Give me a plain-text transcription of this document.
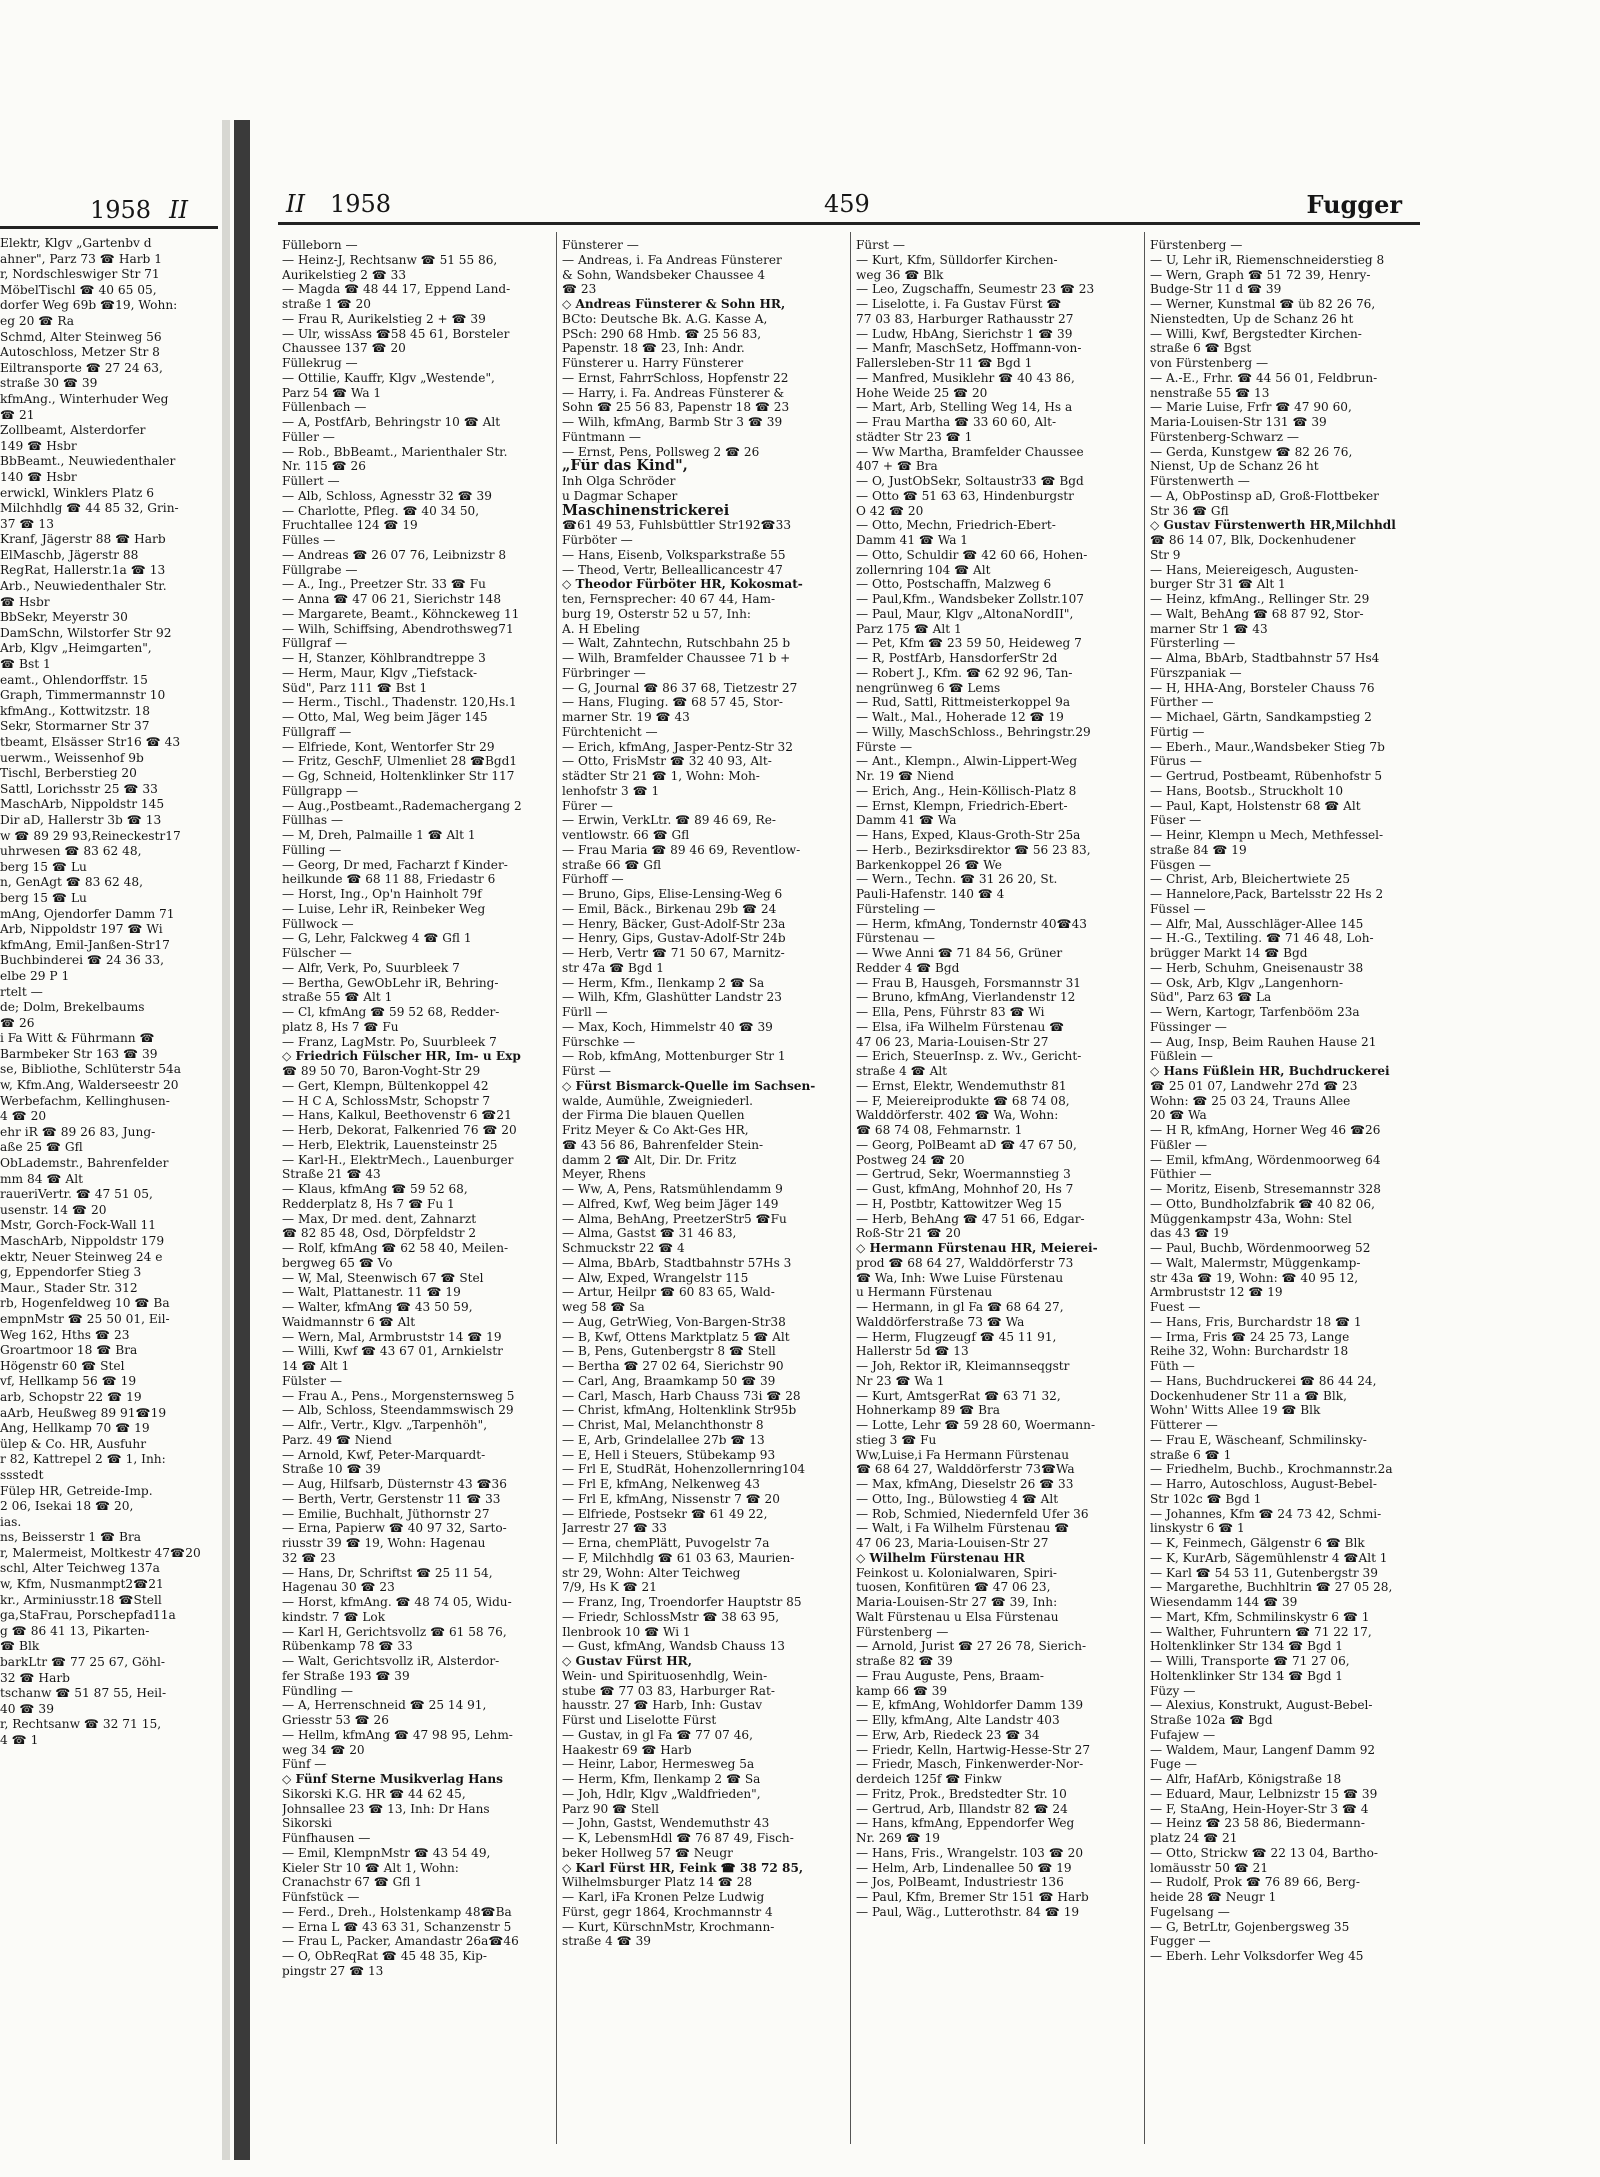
1958 II
Elektr, Klgv „Gartenbv d
ahner", Parz 73 ☎ Harb 1
r, Nordschleswiger Str 71
MöbelTischl ☎ 40 65 05,
dorfer Weg 69b ☎19, Wohn:
eg 20 ☎ Ra
Schmd, Alter Steinweg 56
Autoschloss, Metzer Str 8
Eiltransporte ☎ 27 24 63,
straße 30 ☎ 39
kfmAng., Winterhuder Weg
☎ 21
Zollbeamt, Alsterdorfer
149 ☎ Hsbr
BbBeamt., Neuwiedenthaler
140 ☎ Hsbr
erwickl, Winklers Platz 6
Milchhdlg ☎ 44 85 32, Grin-
37 ☎ 13
Kranf, Jägerstr 88 ☎ Harb
ElMaschb, Jägerstr 88
RegRat, Hallerstr.1a ☎ 13
Arb., Neuwiedenthaler Str.
☎ Hsbr
BbSekr, Meyerstr 30
DamSchn, Wilstorfer Str 92
Arb, Klgv „Heimgarten",
☎ Bst 1
eamt., Ohlendorffstr. 15
Graph, Timmermannstr 10
kfmAng., Kottwitzstr. 18
Sekr, Stormarner Str 37
tbeamt, Elsässer Str16 ☎ 43
uerwm., Weissenhof 9b
Tischl, Berberstieg 20
Sattl, Lorichsstr 25 ☎ 33
MaschArb, Nippoldstr 145
Dir aD, Hallerstr 3b ☎ 13
w ☎ 89 29 93,Reineckestr17
uhrwesen ☎ 83 62 48,
berg 15 ☎ Lu
n, GenAgt ☎ 83 62 48,
berg 15 ☎ Lu
mAng, Ojendorfer Damm 71
Arb, Nippoldstr 197 ☎ Wi
kfmAng, Emil-Janßen-Str17
Buchbinderei ☎ 24 36 33,
elbe 29 P 1
rtelt —
de; Dolm, Brekelbaums
☎ 26
i Fa Witt & Führmann ☎
Barmbeker Str 163 ☎ 39
se, Bibliothe, Schlüterstr 54a
w, Kfm.Ang, Walderseestr 20
Werbefachm, Kellinghusen-
4 ☎ 20
ehr iR ☎ 89 26 83, Jung-
aße 25 ☎ Gfl
ObLademstr., Bahrenfelder
mm 84 ☎ Alt
raueriVertr. ☎ 47 51 05,
usenstr. 14 ☎ 20
Mstr, Gorch-Fock-Wall 11
MaschArb, Nippoldstr 179
ektr, Neuer Steinweg 24 e
g, Eppendorfer Stieg 3
Maur., Stader Str. 312
rb, Hogenfeldweg 10 ☎ Ba
empnMstr ☎ 25 50 01, Eil-
Weg 162, Hths ☎ 23
Groartmoor 18 ☎ Bra
Högenstr 60 ☎ Stel
vf, Hellkamp 56 ☎ 19
arb, Schopstr 22 ☎ 19
aArb, Heußweg 89 91☎19
Ang, Hellkamp 70 ☎ 19
ülep & Co. HR, Ausfuhr
r 82, Kattrepel 2 ☎ 1, Inh:
ssstedt
Fülep HR, Getreide-Imp.
2 06, Isekai 18 ☎ 20,
ias.
ns, Beisserstr 1 ☎ Bra
r, Malermeist, Moltkestr 47☎20
schl, Alter Teichweg 137a
w, Kfm, Nusmanmpt2☎21
kr., Arminiusstr.18 ☎Stell
ga,StaFrau, Porschepfad11a
g ☎ 86 41 13, Pikarten-
☎ Blk
barkLtr ☎ 77 25 67, Göhl-
32 ☎ Harb
tschanw ☎ 51 87 55, Heil-
40 ☎ 39
r, Rechtsanw ☎ 32 71 15,
4 ☎ 1
II 1958	459	Fugger
Fülleborn —
— Heinz-J, Rechtsanw ☎ 51 55 86,
Aurikelstieg 2 ☎ 33
— Magda ☎ 48 44 17, Eppend Land-
straße 1 ☎ 20
— Frau R, Aurikelstieg 2 + ☎ 39
— Ulr, wissAss ☎58 45 61, Borsteler
Chaussee 137 ☎ 20
Füllekrug —
— Ottilie, Kauffr, Klgv „Westende",
Parz 54 ☎ Wa 1
Füllenbach —
— A, PostfArb, Behringstr 10 ☎ Alt
Füller —
— Rob., BbBeamt., Marienthaler Str.
Nr. 115 ☎ 26
Füllert —
— Alb, Schloss, Agnesstr 32 ☎ 39
— Charlotte, Pfleg. ☎ 40 34 50,
Fruchtallee 124 ☎ 19
Fülles —
— Andreas ☎ 26 07 76, Leibnizstr 8
Füllgrabe —
— A., Ing., Preetzer Str. 33 ☎ Fu
— Anna ☎ 47 06 21, Sierichstr 148
— Margarete, Beamt., Köhnckeweg 11
— Wilh, Schiffsing, Abendrothsweg71
Füllgraf —
— H, Stanzer, Köhlbrandtreppe 3
— Herm, Maur, Klgv „Tiefstack-
Süd", Parz 111 ☎ Bst 1
— Herm., Tischl., Thadenstr. 120,Hs.1
— Otto, Mal, Weg beim Jäger 145
Füllgraff —
— Elfriede, Kont, Wentorfer Str 29
— Fritz, GeschF, Ulmenliet 28 ☎Bgd1
— Gg, Schneid, Holtenklinker Str 117
Füllgrapp —
— Aug.,Postbeamt.,Rademachergang 2
Füllhas —
— M, Dreh, Palmaille 1 ☎ Alt 1
Fülling —
— Georg, Dr med, Facharzt f Kinder-
heilkunde ☎ 68 11 88, Friedastr 6
— Horst, Ing., Op'n Hainholt 79f
— Luise, Lehr iR, Reinbeker Weg
Füllwock —
— G, Lehr, Falckweg 4 ☎ Gfl 1
Fülscher —
— Alfr, Verk, Po, Suurbleek 7
— Bertha, GewObLehr iR, Behring-
straße 55 ☎ Alt 1
— Cl, kfmAng ☎ 59 52 68, Redder-
platz 8, Hs 7 ☎ Fu
— Franz, LagMstr. Po, Suurbleek 7
◇ Friedrich Fülscher HR, Im- u Exp
☎ 89 50 70, Baron-Voght-Str 29
— Gert, Klempn, Bültenkoppel 42
— H C A, SchlossMstr, Schopstr 7
— Hans, Kalkul, Beethovenstr 6 ☎21
— Herb, Dekorat, Falkenried 76 ☎ 20
— Herb, Elektrik, Lauensteinstr 25
— Karl-H., ElektrMech., Lauenburger
Straße 21 ☎ 43
— Klaus, kfmAng ☎ 59 52 68,
Redderplatz 8, Hs 7 ☎ Fu 1
— Max, Dr med. dent, Zahnarzt
☎ 82 85 48, Osd, Dörpfeldstr 2
— Rolf, kfmAng ☎ 62 58 40, Meilen-
bergweg 65 ☎ Vo
— W, Mal, Steenwisch 67 ☎ Stel
— Walt, Plattanestr. 11 ☎ 19
— Walter, kfmAng ☎ 43 50 59,
Waidmannstr 6 ☎ Alt
— Wern, Mal, Armbruststr 14 ☎ 19
— Willi, Kwf ☎ 43 67 01, Arnkielstr
14 ☎ Alt 1
Fülster —
— Frau A., Pens., Morgensternsweg 5
— Alb, Schloss, Steendammswisch 29
— Alfr., Vertr., Klgv. „Tarpenhöh",
Parz. 49 ☎ Niend
— Arnold, Kwf, Peter-Marquardt-
Straße 10 ☎ 39
— Aug, Hilfsarb, Düsternstr 43 ☎36
— Berth, Vertr, Gerstenstr 11 ☎ 33
— Emilie, Buchhalt, Jüthornstr 27
— Erna, Papierw ☎ 40 97 32, Sarto-
riusstr 39 ☎ 19, Wohn: Hagenau
32 ☎ 23
— Hans, Dr, Schriftst ☎ 25 11 54,
Hagenau 30 ☎ 23
— Horst, kfmAng. ☎ 48 74 05, Widu-
kindstr. 7 ☎ Lok
— Karl H, Gerichtsvollz ☎ 61 58 76,
Rübenkamp 78 ☎ 33
— Walt, Gerichtsvollz iR, Alsterdor-
fer Straße 193 ☎ 39
Fündling —
— A, Herrenschneid ☎ 25 14 91,
Griesstr 53 ☎ 26
— Hellm, kfmAng ☎ 47 98 95, Lehm-
weg 34 ☎ 20
Fünf —
◇ Fünf Sterne Musikverlag Hans
Sikorski K.G. HR ☎ 44 62 45,
Johnsallee 23 ☎ 13, Inh: Dr Hans
Sikorski
Fünfhausen —
— Emil, KlempnMstr ☎ 43 54 49,
Kieler Str 10 ☎ Alt 1, Wohn:
Cranachstr 67 ☎ Gfl 1
Fünfstück —
— Ferd., Dreh., Holstenkamp 48☎Ba
— Erna L ☎ 43 63 31, Schanzenstr 5
— Frau L, Packer, Amandastr 26a☎46
— O, ObReqRat ☎ 45 48 35, Kip-
pingstr 27 ☎ 13
Fünsterer —
— Andreas, i. Fa Andreas Fünsterer
& Sohn, Wandsbeker Chaussee 4
☎ 23
◇ Andreas Fünsterer & Sohn HR,
BCto: Deutsche Bk. A.G. Kasse A,
PSch: 290 68 Hmb. ☎ 25 56 83,
Papenstr. 18 ☎ 23, Inh: Andr.
Fünsterer u. Harry Fünsterer
— Ernst, FahrrSchloss, Hopfenstr 22
— Harry, i. Fa. Andreas Fünsterer &
Sohn ☎ 25 56 83, Papenstr 18 ☎ 23
— Wilh, kfmAng, Barmb Str 3 ☎ 39
Füntmann —
— Ernst, Pens, Pollsweg 2 ☎ 26
„Für das Kind",
Inh Olga Schröder
u Dagmar Schaper
Maschinenstrickerei
☎61 49 53, Fuhlsbüttler Str192☎33
Fürböter —
— Hans, Eisenb, Volksparkstraße 55
— Theod, Vertr, Belleallicancestr 47
◇ Theodor Fürböter HR, Kokosmat-
ten, Fernsprecher: 40 67 44, Ham-
burg 19, Osterstr 52 u 57, Inh:
A. H Ebeling
— Walt, Zahntechn, Rutschbahn 25 b
— Wilh, Bramfelder Chaussee 71 b +
Fürbringer —
— G, Journal ☎ 86 37 68, Tietzestr 27
— Hans, Fluging. ☎ 68 57 45, Stor-
marner Str. 19 ☎ 43
Fürchtenicht —
— Erich, kfmAng, Jasper-Pentz-Str 32
— Otto, FrisMstr ☎ 32 40 93, Alt-
städter Str 21 ☎ 1, Wohn: Moh-
lenhofstr 3 ☎ 1
Fürer —
— Erwin, VerkLtr. ☎ 89 46 69, Re-
ventlowstr. 66 ☎ Gfl
— Frau Maria ☎ 89 46 69, Reventlow-
straße 66 ☎ Gfl
Fürhoff —
— Bruno, Gips, Elise-Lensing-Weg 6
— Emil, Bäck., Birkenau 29b ☎ 24
— Henry, Bäcker, Gust-Adolf-Str 23a
— Henry, Gips, Gustav-Adolf-Str 24b
— Herb, Vertr ☎ 71 50 67, Marnitz-
str 47a ☎ Bgd 1
— Herm, Kfm., Ilenkamp 2 ☎ Sa
— Wilh, Kfm, Glashütter Landstr 23
Fürll —
— Max, Koch, Himmelstr 40 ☎ 39
Fürschke —
— Rob, kfmAng, Mottenburger Str 1
Fürst —
◇ Fürst Bismarck-Quelle im Sachsen-
walde, Aumühle, Zweigniederl.
der Firma Die blauen Quellen
Fritz Meyer & Co Akt-Ges HR,
☎ 43 56 86, Bahrenfelder Stein-
damm 2 ☎ Alt, Dir. Dr. Fritz
Meyer, Rhens
— Ww, A, Pens, Ratsmühlendamm 9
— Alfred, Kwf, Weg beim Jäger 149
— Alma, BehAng, PreetzerStr5 ☎Fu
— Alma, Gastst ☎ 31 46 83,
Schmuckstr 22 ☎ 4
— Alma, BbArb, Stadtbahnstr 57Hs 3
— Alw, Exped, Wrangelstr 115
— Artur, Heilpr ☎ 60 83 65, Wald-
weg 58 ☎ Sa
— Aug, GetrWieg, Von-Bargen-Str38
— B, Kwf, Ottens Marktplatz 5 ☎ Alt
— B, Pens, Gutenbergstr 8 ☎ Stell
— Bertha ☎ 27 02 64, Sierichstr 90
— Carl, Ang, Braamkamp 50 ☎ 39
— Carl, Masch, Harb Chauss 73i ☎ 28
— Christ, kfmAng, Holtenklink Str95b
— Christ, Mal, Melanchthonstr 8
— E, Arb, Grindelallee 27b ☎ 13
— E, Hell i Steuers, Stübekamp 93
— Frl E, StudRät, Hohenzollernring104
— Frl E, kfmAng, Nelkenweg 43
— Frl E, kfmAng, Nissenstr 7 ☎ 20
— Elfriede, Postsekr ☎ 61 49 22,
Jarrestr 27 ☎ 33
— Erna, chemPlätt, Puvogelstr 7a
— F, Milchhdlg ☎ 61 03 63, Maurien-
str 29, Wohn: Alter Teichweg
7/9, Hs K ☎ 21
— Franz, Ing, Troendorfer Hauptstr 85
— Friedr, SchlossMstr ☎ 38 63 95,
Ilenbrook 10 ☎ Wi 1
— Gust, kfmAng, Wandsb Chauss 13
◇ Gustav Fürst HR,
Wein- und Spirituosenhdlg, Wein-
stube ☎ 77 03 83, Harburger Rat-
hausstr. 27 ☎ Harb, Inh: Gustav
Fürst und Liselotte Fürst
— Gustav, in gl Fa ☎ 77 07 46,
Haakestr 69 ☎ Harb
— Heinr, Labor, Hermesweg 5a
— Herm, Kfm, Ilenkamp 2 ☎ Sa
— Joh, Hdlr, Klgv „Waldfrieden",
Parz 90 ☎ Stell
— John, Gastst, Wendemuthstr 43
— K, LebensmHdl ☎ 76 87 49, Fisch-
beker Hollweg 57 ☎ Neugr
◇ Karl Fürst HR, Feink ☎ 38 72 85,
Wilhelmsburger Platz 14 ☎ 28
— Karl, iFa Kronen Pelze Ludwig
Fürst, gegr 1864, Krochmannstr 4
— Kurt, KürschnMstr, Krochmann-
straße 4 ☎ 39
Fürst —
— Kurt, Kfm, Sülldorfer Kirchen-
weg 36 ☎ Blk
— Leo, Zugschaffn, Seumestr 23 ☎ 23
— Liselotte, i. Fa Gustav Fürst ☎
77 03 83, Harburger Rathausstr 27
— Ludw, HbAng, Sierichstr 1 ☎ 39
— Manfr, MaschSetz, Hoffmann-von-
Fallersleben-Str 11 ☎ Bgd 1
— Manfred, Musiklehr ☎ 40 43 86,
Hohe Weide 25 ☎ 20
— Mart, Arb, Stelling Weg 14, Hs a
— Frau Martha ☎ 33 60 60, Alt-
städter Str 23 ☎ 1
— Ww Martha, Bramfelder Chaussee
407 + ☎ Bra
— O, JustObSekr, Soltaustr33 ☎ Bgd
— Otto ☎ 51 63 63, Hindenburgstr
O 42 ☎ 20
— Otto, Mechn, Friedrich-Ebert-
Damm 41 ☎ Wa 1
— Otto, Schuldir ☎ 42 60 66, Hohen-
zollernring 104 ☎ Alt
— Otto, Postschaffn, Malzweg 6
— Paul,Kfm., Wandsbeker Zollstr.107
— Paul, Maur, Klgv „AltonaNordII",
Parz 175 ☎ Alt 1
— Pet, Kfm ☎ 23 59 50, Heideweg 7
— R, PostfArb, HansdorferStr 2d
— Robert J., Kfm. ☎ 62 92 96, Tan-
nengrünweg 6 ☎ Lems
— Rud, Sattl, Rittmeisterkoppel 9a
— Walt., Mal., Hoherade 12 ☎ 19
— Willy, MaschSchloss., Behringstr.29
Fürste —
— Ant., Klempn., Alwin-Lippert-Weg
Nr. 19 ☎ Niend
— Erich, Ang., Hein-Köllisch-Platz 8
— Ernst, Klempn, Friedrich-Ebert-
Damm 41 ☎ Wa
— Hans, Exped, Klaus-Groth-Str 25a
— Herb., Bezirksdirektor ☎ 56 23 83,
Barkenkoppel 26 ☎ We
— Wern., Techn. ☎ 31 26 20, St.
Pauli-Hafenstr. 140 ☎ 4
Fürsteling —
— Herm, kfmAng, Tondernstr 40☎43
Fürstenau —
— Wwe Anni ☎ 71 84 56, Grüner
Redder 4 ☎ Bgd
— Frau B, Hausgeh, Forsmannstr 31
— Bruno, kfmAng, Vierlandenstr 12
— Ella, Pens, Führstr 83 ☎ Wi
— Elsa, iFa Wilhelm Fürstenau ☎
47 06 23, Maria-Louisen-Str 27
— Erich, SteuerInsp. z. Wv., Gericht-
straße 4 ☎ Alt
— Ernst, Elektr, Wendemuthstr 81
— F, Meiereiprodukte ☎ 68 74 08,
Walddörferstr. 402 ☎ Wa, Wohn:
☎ 68 74 08, Fehmarnstr. 1
— Georg, PolBeamt aD ☎ 47 67 50,
Postweg 24 ☎ 20
— Gertrud, Sekr, Woermannstieg 3
— Gust, kfmAng, Mohnhof 20, Hs 7
— H, Postbtr, Kattowitzer Weg 15
— Herb, BehAng ☎ 47 51 66, Edgar-
Roß-Str 21 ☎ 20
◇ Hermann Fürstenau HR, Meierei-
prod ☎ 68 64 27, Walddörferstr 73
☎ Wa, Inh: Wwe Luise Fürstenau
u Hermann Fürstenau
— Hermann, in gl Fa ☎ 68 64 27,
Walddörferstraße 73 ☎ Wa
— Herm, Flugzeugf ☎ 45 11 91,
Hallerstr 5d ☎ 13
— Joh, Rektor iR, Kleimannseqgstr
Nr 23 ☎ Wa 1
— Kurt, AmtsgerRat ☎ 63 71 32,
Hohnerkamp 89 ☎ Bra
— Lotte, Lehr ☎ 59 28 60, Woermann-
stieg 3 ☎ Fu
Ww,Luise,i Fa Hermann Fürstenau
☎ 68 64 27, Walddörferstr 73☎Wa
— Max, kfmAng, Dieselstr 26 ☎ 33
— Otto, Ing., Bülowstieg 4 ☎ Alt
— Rob, Schmied, Niedernfeld Ufer 36
— Walt, i Fa Wilhelm Fürstenau ☎
47 06 23, Maria-Louisen-Str 27
◇ Wilhelm Fürstenau HR
Feinkost u. Kolonialwaren, Spiri-
tuosen, Konfitüren ☎ 47 06 23,
Maria-Louisen-Str 27 ☎ 39, Inh:
Walt Fürstenau u Elsa Fürstenau
Fürstenberg —
— Arnold, Jurist ☎ 27 26 78, Sierich-
straße 82 ☎ 39
— Frau Auguste, Pens, Braam-
kamp 66 ☎ 39
— E, kfmAng, Wohldorfer Damm 139
— Elly, kfmAng, Alte Landstr 403
— Erw, Arb, Riedeck 23 ☎ 34
— Friedr, Kelln, Hartwig-Hesse-Str 27
— Friedr, Masch, Finkenwerder-Nor-
derdeich 125f ☎ Finkw
— Fritz, Prok., Bredstedter Str. 10
— Gertrud, Arb, Illandstr 82 ☎ 24
— Hans, kfmAng, Eppendorfer Weg
Nr. 269 ☎ 19
— Hans, Fris., Wrangelstr. 103 ☎ 20
— Helm, Arb, Lindenallee 50 ☎ 19
— Jos, PolBeamt, Industriestr 136
— Paul, Kfm, Bremer Str 151 ☎ Harb
— Paul, Wäg., Lutterothstr. 84 ☎ 19
Fürstenberg —
— U, Lehr iR, Riemenschneiderstieg 8
— Wern, Graph ☎ 51 72 39, Henry-
Budge-Str 11 d ☎ 39
— Werner, Kunstmal ☎ üb 82 26 76,
Nienstedten, Up de Schanz 26 ht
— Willi, Kwf, Bergstedter Kirchen-
straße 6 ☎ Bgst
von Fürstenberg —
— A.-E., Frhr. ☎ 44 56 01, Feldbrun-
nenstraße 55 ☎ 13
— Marie Luise, Frfr ☎ 47 90 60,
Maria-Louisen-Str 131 ☎ 39
Fürstenberg-Schwarz —
— Gerda, Kunstgew ☎ 82 26 76,
Nienst, Up de Schanz 26 ht
Fürstenwerth —
— A, ObPostinsp aD, Groß-Flottbeker
Str 36 ☎ Gfl
◇ Gustav Fürstenwerth HR,Milchhdl
☎ 86 14 07, Blk, Dockenhudener
Str 9
— Hans, Meiereigesch, Augusten-
burger Str 31 ☎ Alt 1
— Heinz, kfmAng., Rellinger Str. 29
— Walt, BehAng ☎ 68 87 92, Stor-
marner Str 1 ☎ 43
Fürsterling —
— Alma, BbArb, Stadtbahnstr 57 Hs4
Fürszpaniak —
— H, HHA-Ang, Borsteler Chauss 76
Fürther —
— Michael, Gärtn, Sandkampstieg 2
Fürtig —
— Eberh., Maur.,Wandsbeker Stieg 7b
Fürus —
— Gertrud, Postbeamt, Rübenhofstr 5
— Hans, Bootsb., Struckholt 10
— Paul, Kapt, Holstenstr 68 ☎ Alt
Füser —
— Heinr, Klempn u Mech, Methfessel-
straße 84 ☎ 19
Füsgen —
— Christ, Arb, Bleichertwiete 25
— Hannelore,Pack, Bartelsstr 22 Hs 2
Füssel —
— Alfr, Mal, Ausschläger-Allee 145
— H.-G., Textiling. ☎ 71 46 48, Loh-
brügger Markt 14 ☎ Bgd
— Herb, Schuhm, Gneisenaustr 38
— Osk, Arb, Klgv „Langenhorn-
Süd", Parz 63 ☎ La
— Wern, Kartogr, Tarfenbööm 23a
Füssinger —
— Aug, Insp, Beim Rauhen Hause 21
Füßlein —
◇ Hans Füßlein HR, Buchdruckerei
☎ 25 01 07, Landwehr 27d ☎ 23
Wohn: ☎ 25 03 24, Trauns Allee
20 ☎ Wa
— H R, kfmAng, Horner Weg 46 ☎26
Füßler —
— Emil, kfmAng, Wördenmoorweg 64
Füthier —
— Moritz, Eisenb, Stresemannstr 328
— Otto, Bundholzfabrik ☎ 40 82 06,
Müggenkampstr 43a, Wohn: Stel
das 43 ☎ 19
— Paul, Buchb, Wördenmoorweg 52
— Walt, Malermstr, Müggenkamp-
str 43a ☎ 19, Wohn: ☎ 40 95 12,
Armbruststr 12 ☎ 19
Fuest —
— Hans, Fris, Burchardstr 18 ☎ 1
— Irma, Fris ☎ 24 25 73, Lange
Reihe 32, Wohn: Burchardstr 18
Füth —
— Hans, Buchdruckerei ☎ 86 44 24,
Dockenhudener Str 11 a ☎ Blk,
Wohn' Witts Allee 19 ☎ Blk
Fütterer —
— Frau E, Wäscheanf, Schmilinsky-
straße 6 ☎ 1
— Friedhelm, Buchb., Krochmannstr.2a
— Harro, Autoschloss, August-Bebel-
Str 102c ☎ Bgd 1
— Johannes, Kfm ☎ 24 73 42, Schmi-
linskystr 6 ☎ 1
— K, Feinmech, Gälgenstr 6 ☎ Blk
— K, KurArb, Sägemühlenstr 4 ☎Alt 1
— Karl ☎ 54 53 11, Gutenbergstr 39
— Margarethe, Buchhltrin ☎ 27 05 28,
Wiesendamm 144 ☎ 39
— Mart, Kfm, Schmilinskystr 6 ☎ 1
— Walther, Fuhruntern ☎ 71 22 17,
Holtenklinker Str 134 ☎ Bgd 1
— Willi, Transporte ☎ 71 27 06,
Holtenklinker Str 134 ☎ Bgd 1
Füzy —
— Alexius, Konstrukt, August-Bebel-
Straße 102a ☎ Bgd
Fufajew —
— Waldem, Maur, Langenf Damm 92
Fuge —
— Alfr, HafArb, Königstraße 18
— Eduard, Maur, Lelbnizstr 15 ☎ 39
— F, StaAng, Hein-Hoyer-Str 3 ☎ 4
— Heinz ☎ 23 58 86, Biedermann-
platz 24 ☎ 21
— Otto, Strickw ☎ 22 13 04, Bartho-
lomäusstr 50 ☎ 21
— Rudolf, Prok ☎ 76 89 66, Berg-
heide 28 ☎ Neugr 1
Fugelsang —
— G, BetrLtr, Gojenbergsweg 35
Fugger —
— Eberh. Lehr Volksdorfer Weg 45
